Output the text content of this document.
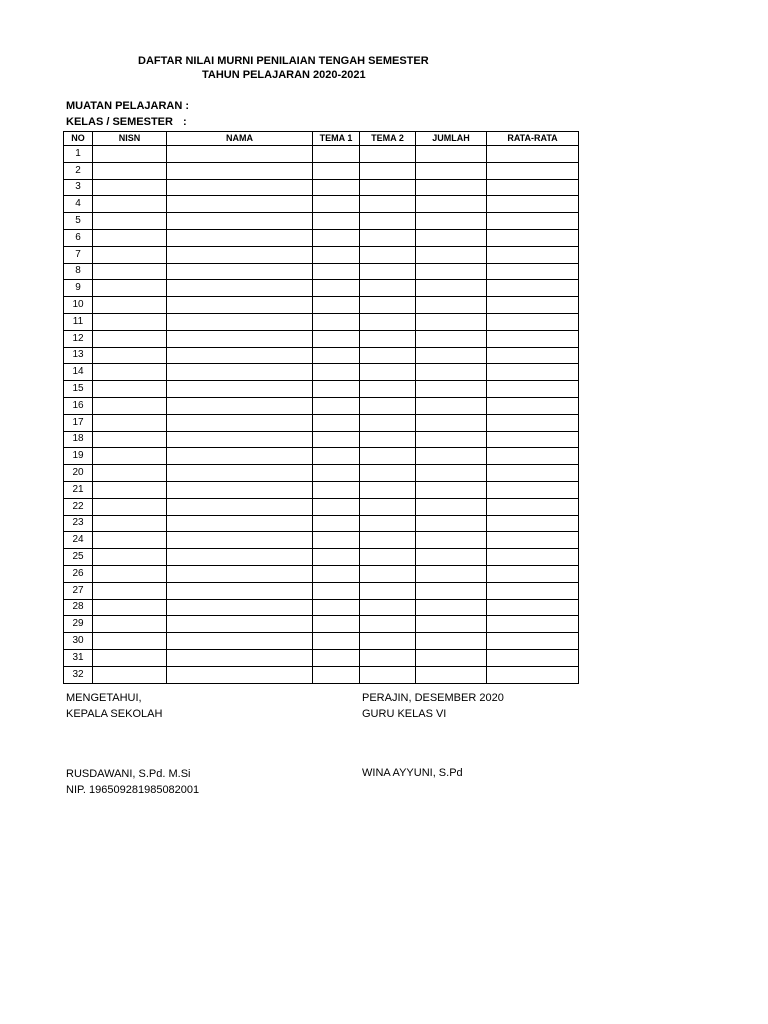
DAFTAR NILAI MURNI PENILAIAN TENGAH SEMESTER
TAHUN PELAJARAN 2020-2021
MUATAN PELAJARAN :
KELAS / SEMESTER :
NO	NISN	NAMA	TEMA 1	TEMA 2	JUMLAH	RATA-RATA
1						
2						
3						
4						
5						
6						
7						
8						
9						
10						
11						
12						
13						
14						
15						
16						
17						
18						
19						
20						
21						
22						
23						
24						
25						
26						
27						
28						
29						
30						
31						
32						
MENGETAHUI,
KEPALA SEKOLAH
RUSDAWANI, S.Pd. M.Si
NIP. 196509281985082001
PERAJIN, DESEMBER 2020
GURU KELAS VI
WINA AYYUNI, S.Pd
